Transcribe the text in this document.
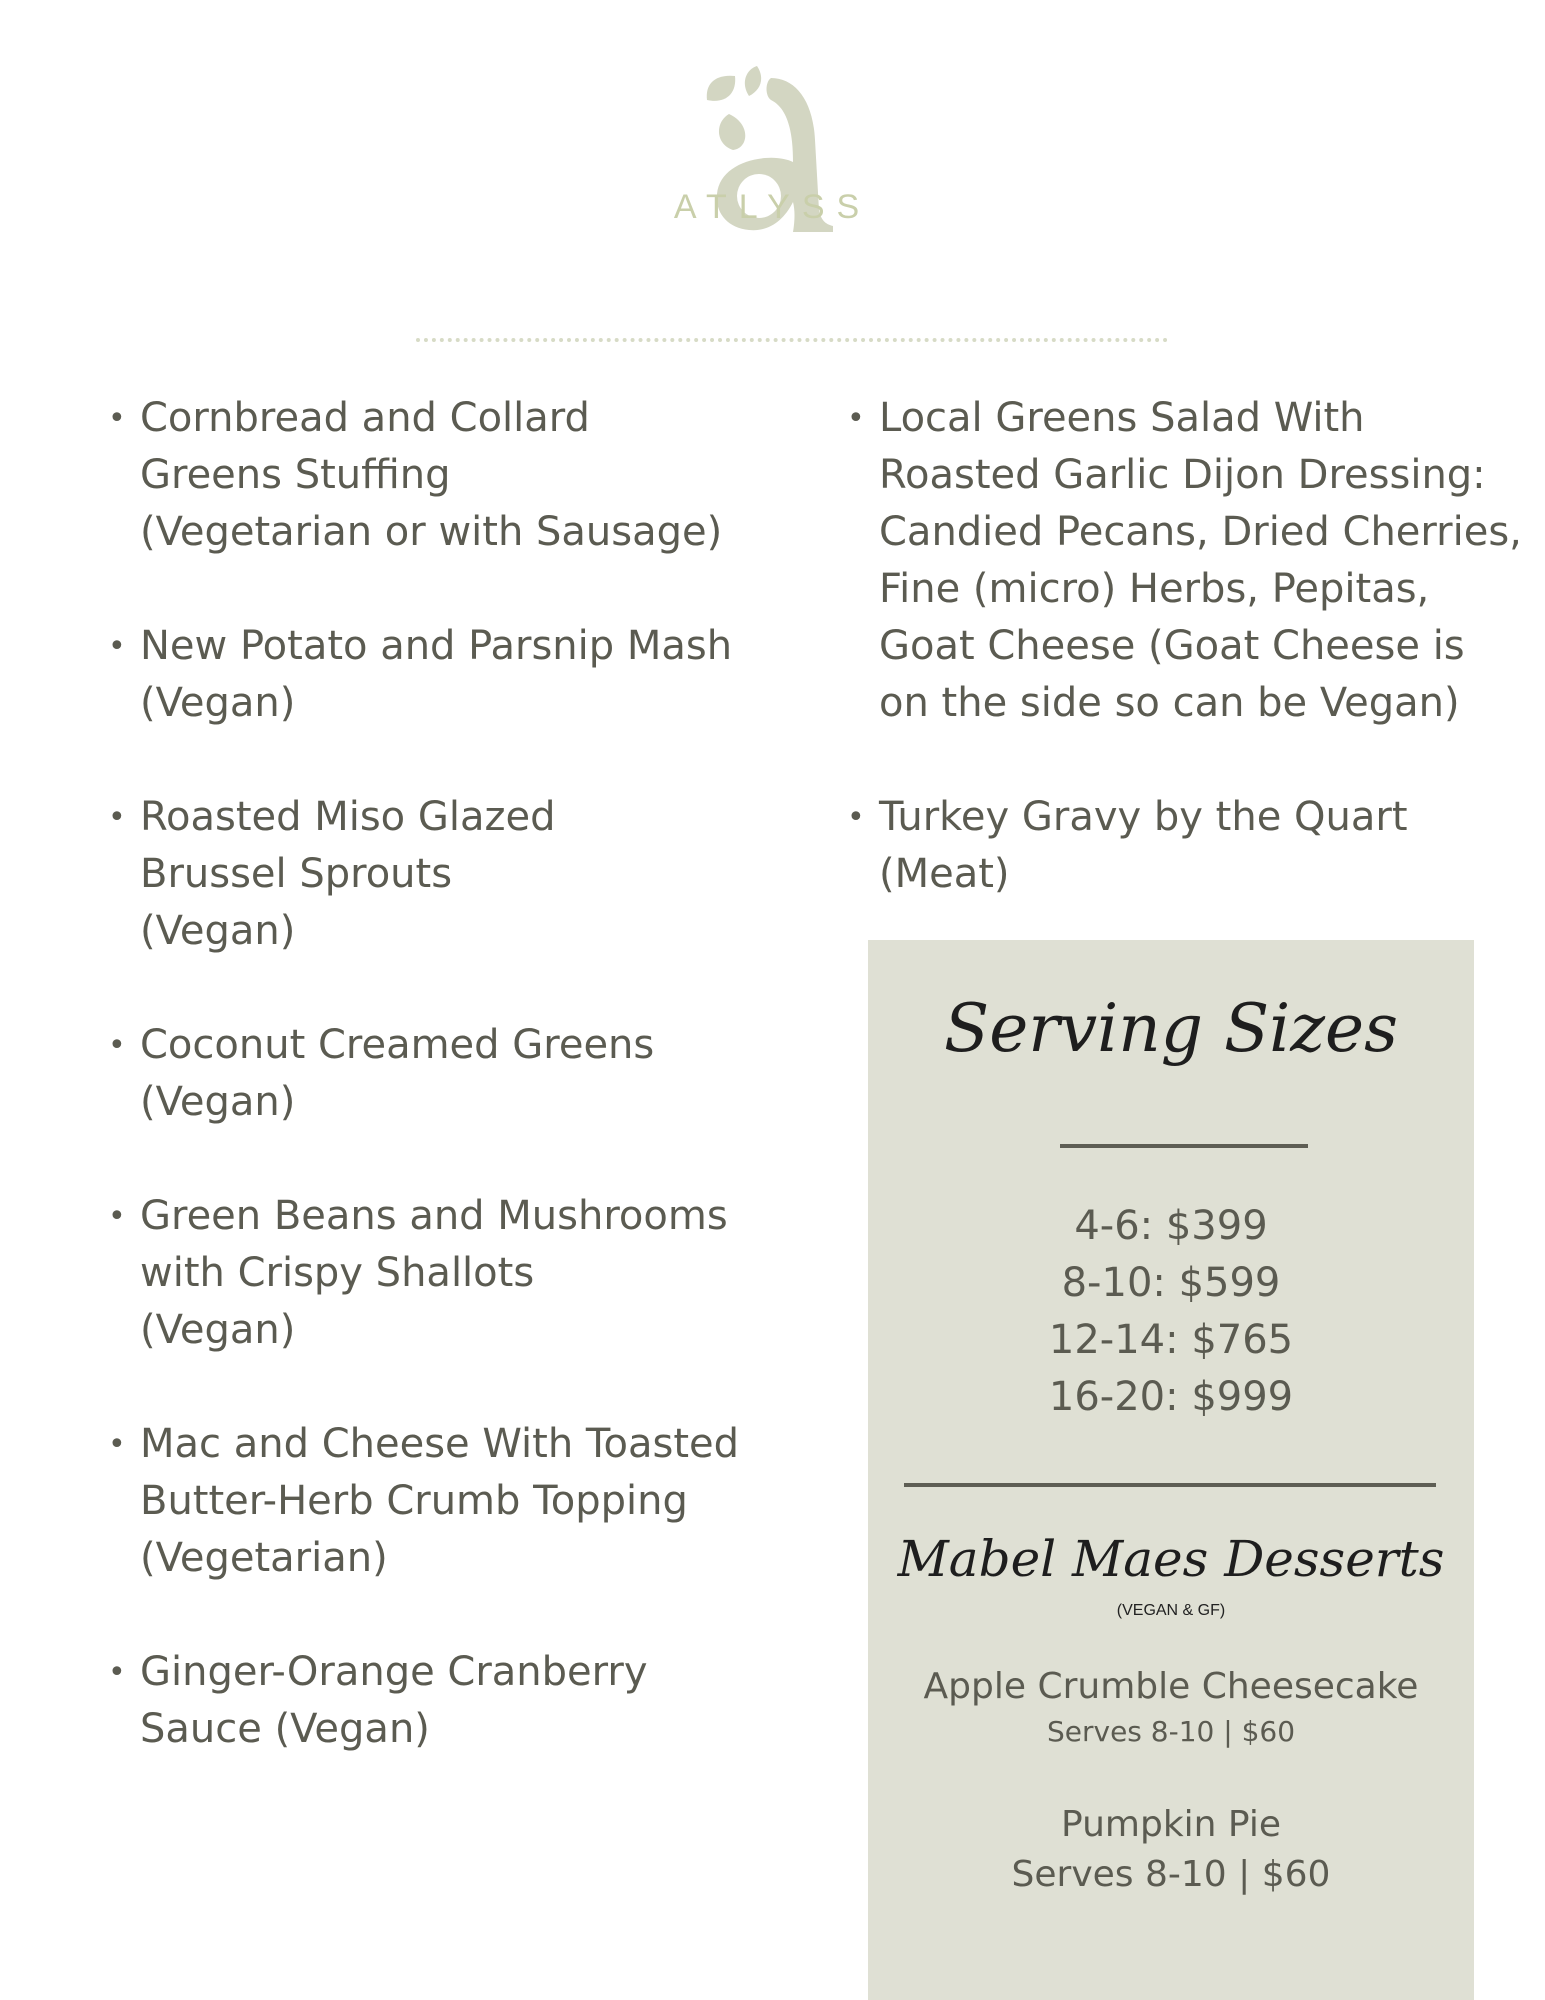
ATLYSS
• Cornbread and Collard
Greens Stuffing
(Vegetarian or with Sausage)
• New Potato and Parsnip Mash
(Vegan)
• Roasted Miso Glazed
Brussel Sprouts
(Vegan)
• Coconut Creamed Greens
(Vegan)
• Green Beans and Mushrooms
with Crispy Shallots
(Vegan)
• Mac and Cheese With Toasted
Butter-Herb Crumb Topping
(Vegetarian)
• Ginger-Orange Cranberry
Sauce (Vegan)
• Local Greens Salad With
Roasted Garlic Dijon Dressing:
Candied Pecans, Dried Cherries,
Fine (micro) Herbs, Pepitas,
Goat Cheese (Goat Cheese is
on the side so can be Vegan)
• Turkey Gravy by the Quart
(Meat)
Serving Sizes
4-6: $399
8-10: $599
12-14: $765
16-20: $999
Mabel Maes Desserts
(VEGAN & GF)
Apple Crumble Cheesecake
Serves 8-10 | $60
Pumpkin Pie
Serves 8-10 | $60
